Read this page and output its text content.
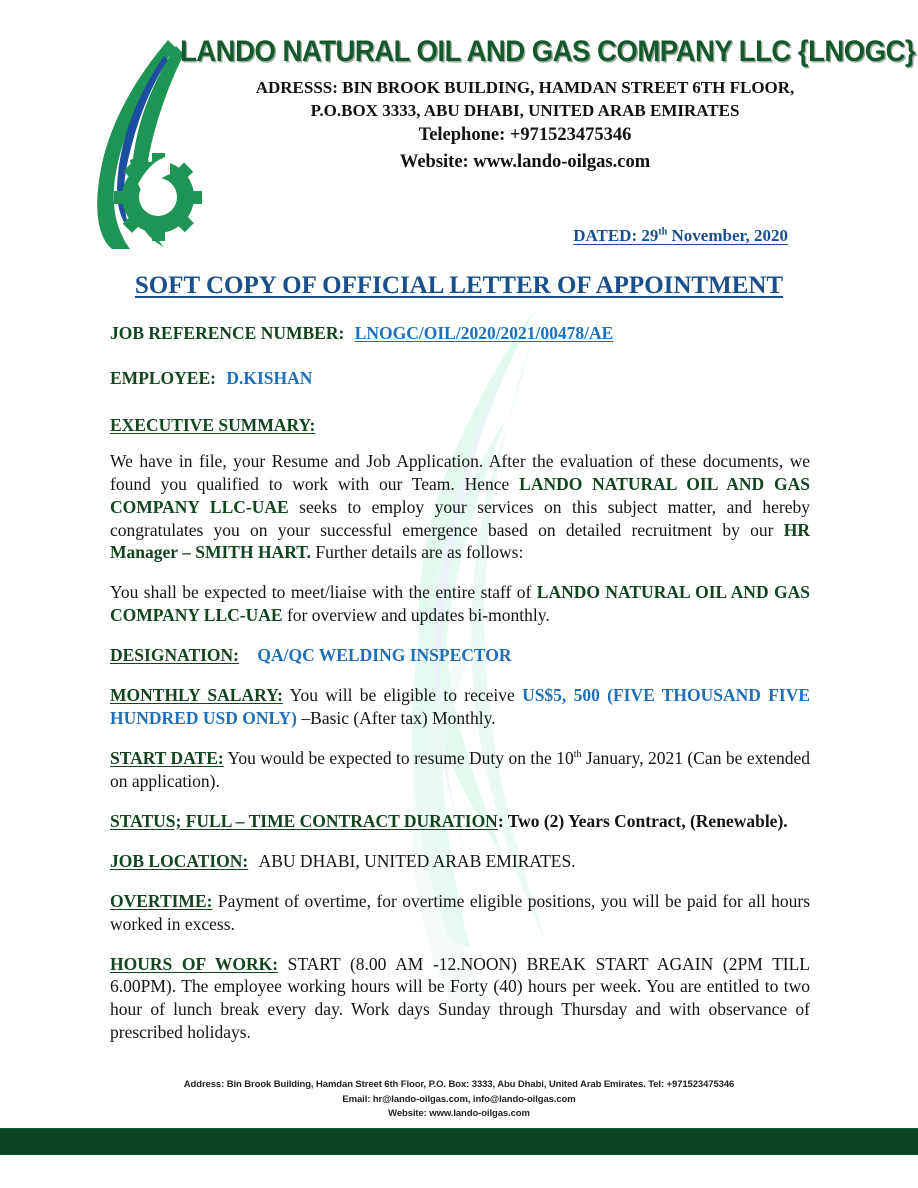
LANDO NATURAL OIL AND GAS COMPANY LLC {LNOGC}
ADRESSS: BIN BROOK BUILDING, HAMDAN STREET 6TH FLOOR,
P.O.BOX 3333, ABU DHABI, UNITED ARAB EMIRATES
Telephone: +971523475346
Website: www.lando-oilgas.com
DATED: 29th November, 2020
SOFT COPY OF OFFICIAL LETTER OF APPOINTMENT
JOB REFERENCE NUMBER: LNOGC/OIL/2020/2021/00478/AE
EMPLOYEE: D.KISHAN
EXECUTIVE SUMMARY:
We have in file, your Resume and Job Application. After the evaluation of these documents, we found you qualified to work with our Team. Hence LANDO NATURAL OIL AND GAS COMPANY LLC-UAE seeks to employ your services on this subject matter, and hereby congratulates you on your successful emergence based on detailed recruitment by our HR Manager – SMITH HART. Further details are as follows:
You shall be expected to meet/liaise with the entire staff of LANDO NATURAL OIL AND GAS COMPANY LLC-UAE for overview and updates bi-monthly.
DESIGNATION: QA/QC WELDING INSPECTOR
MONTHLY SALARY: You will be eligible to receive US$5, 500 (FIVE THOUSAND FIVE HUNDRED USD ONLY) –Basic (After tax) Monthly.
START DATE: You would be expected to resume Duty on the 10th January, 2021 (Can be extended on application).
STATUS; FULL – TIME CONTRACT DURATION: Two (2) Years Contract, (Renewable).
JOB LOCATION: ABU DHABI, UNITED ARAB EMIRATES.
OVERTIME: Payment of overtime, for overtime eligible positions, you will be paid for all hours worked in excess.
HOURS OF WORK: START (8.00 AM -12.NOON) BREAK START AGAIN (2PM TILL 6.00PM). The employee working hours will be Forty (40) hours per week. You are entitled to two hour of lunch break every day. Work days Sunday through Thursday and with observance of prescribed holidays.
Address: Bin Brook Building, Hamdan Street 6th Floor, P.O. Box: 3333, Abu Dhabi, United Arab Emirates. Tel: +971523475346
Email: hr@lando-oilgas.com, info@lando-oilgas.com
Website: www.lando-oilgas.com
